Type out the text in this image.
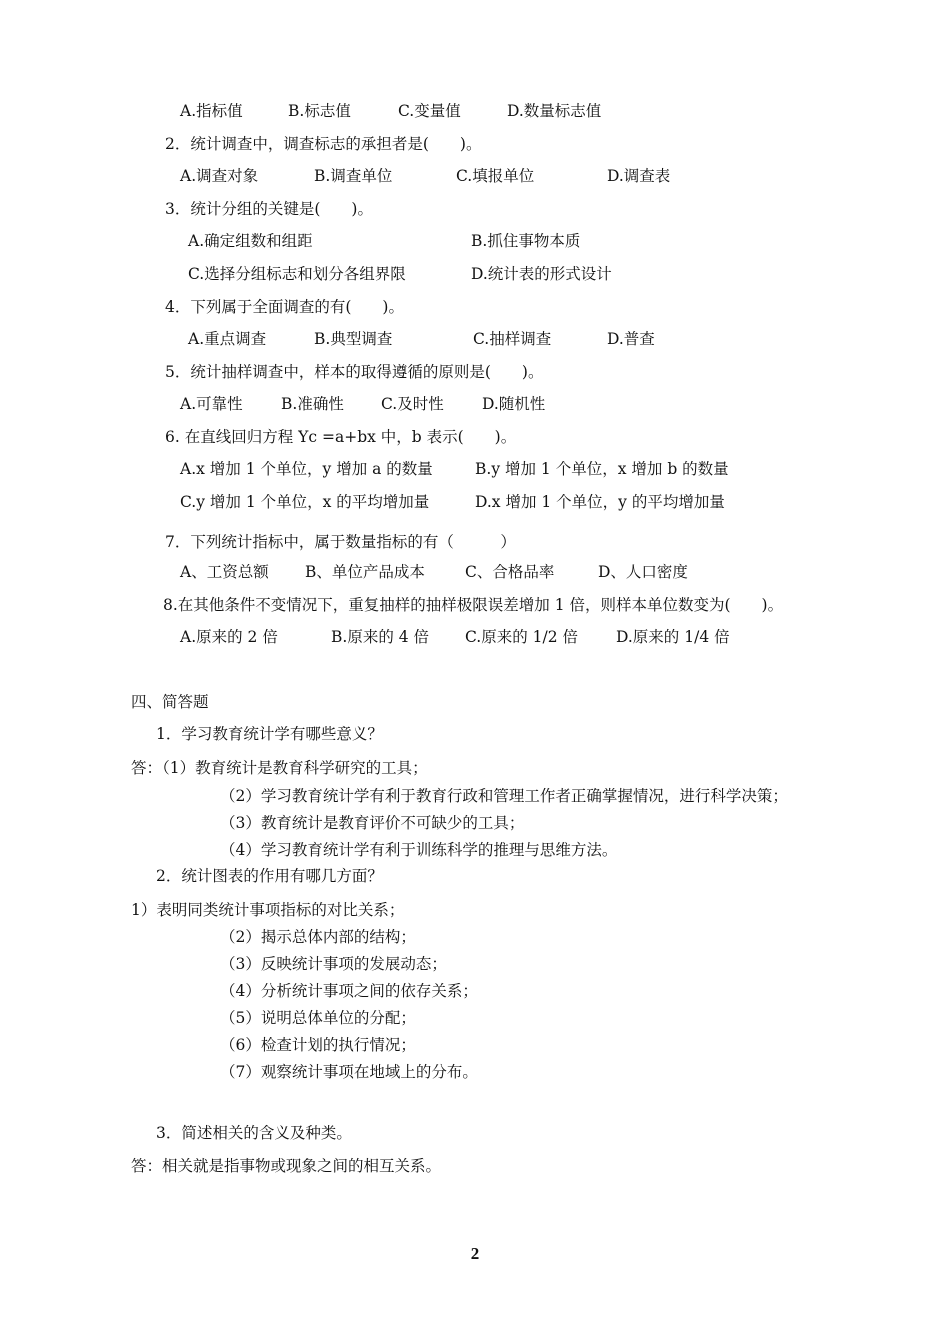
A.指标值	B.标志值	C.变量值	D.数量标志值
2．统计调查中，调查标志的承担者是(　　)。
A.调查对象	B.调查单位	C.填报单位	D.调查表
3．统计分组的关键是(　　)。
A.确定组数和组距	B.抓住事物本质
C.选择分组标志和划分各组界限	D.统计表的形式设计
4．下列属于全面调查的有(　　)。
A.重点调查	B.典型调查	C.抽样调查	D.普查
5．统计抽样调查中，样本的取得遵循的原则是(　　)。
A.可靠性 B.准确性 C.及时性 D.随机性
6. 在直线回归方程 Yc =a+bx 中，b 表示(　　)。
A.x 增加 1 个单位，y 增加 a 的数量	B.y 增加 1 个单位，x 增加 b 的数量
C.y 增加 1 个单位，x 的平均增加量	D.x 增加 1 个单位，y 的平均增加量
7．下列统计指标中，属于数量指标的有（　　　）
A、工资总额 B、单位产品成本	C、合格品率	D、人口密度
8.在其他条件不变情况下，重复抽样的抽样极限误差增加 1 倍，则样本单位数变为(　　)。
A.原来的 2 倍	B.原来的 4 倍 C.原来的 1/2 倍 D.原来的 1/4 倍
四、简答题
1．学习教育统计学有哪些意义？
答：（1）教育统计是教育科学研究的工具；
（2）学习教育统计学有利于教育行政和管理工作者正确掌握情况，进行科学决策；
（3）教育统计是教育评价不可缺少的工具；
（4）学习教育统计学有利于训练科学的推理与思维方法。
2．统计图表的作用有哪几方面？
1）表明同类统计事项指标的对比关系；
（2）揭示总体内部的结构；
（3）反映统计事项的发展动态；
（4）分析统计事项之间的依存关系；
（5）说明总体单位的分配；
（6）检查计划的执行情况；
（7）观察统计事项在地域上的分布。
3．简述相关的含义及种类。
答：相关就是指事物或现象之间的相互关系。
2
